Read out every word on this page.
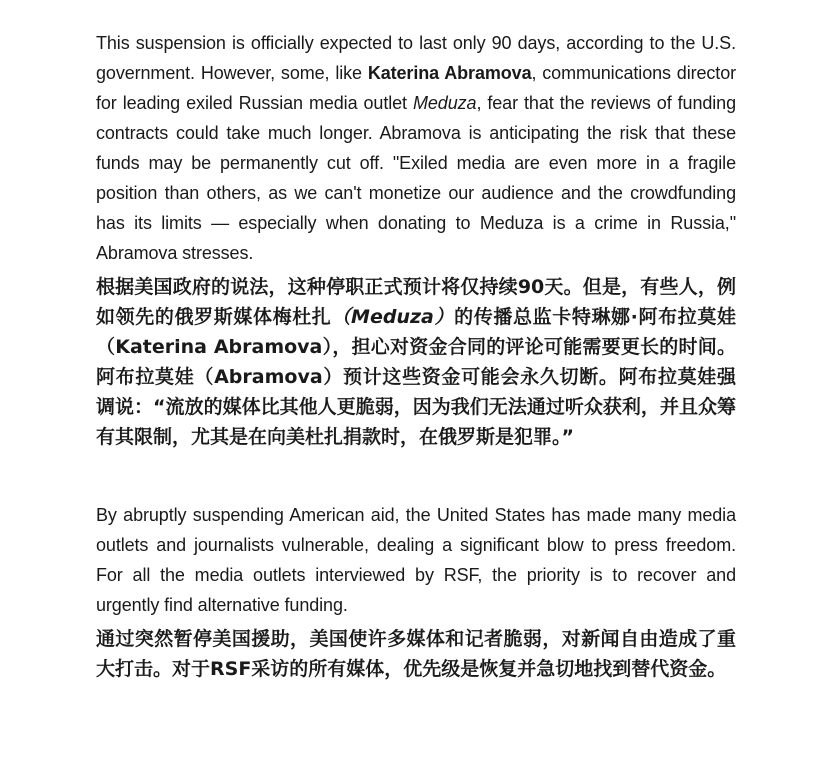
This suspension is officially expected to last only 90 days, according to the U.S. government. However, some, like Katerina Abramova, communications director for leading exiled Russian media outlet Meduza, fear that the reviews of funding contracts could take much longer. Abramova is anticipating the risk that these funds may be permanently cut off. "Exiled media are even more in a fragile position than others, as we can't monetize our audience and the crowdfunding has its limits — especially when donating to Meduza is a crime in Russia," Abramova stresses.

根据美国政府的说法，这种停职正式预计将仅持续90天。但是，有些人，例如领先的俄罗斯媒体梅杜扎（Meduza）的传播总监卡特琳娜·阿布拉莫娃（Katerina Abramova），担心对资金合同的评论可能需要更长的时间。阿布拉莫娃（Abramova）预计这些资金可能会永久切断。阿布拉莫娃强调说：“流放的媒体比其他人更脆弱，因为我们无法通过听众获利，并且众筹有其限制，尤其是在向美杜扎捐款时，在俄罗斯是犯罪。”

By abruptly suspending American aid, the United States has made many media outlets and journalists vulnerable, dealing a significant blow to press freedom. For all the media outlets interviewed by RSF, the priority is to recover and urgently find alternative funding.

通过突然暂停美国援助，美国使许多媒体和记者脆弱，对新闻自由造成了重大打击。对于RSF采访的所有媒体，优先级是恢复并急切地找到替代资金。
